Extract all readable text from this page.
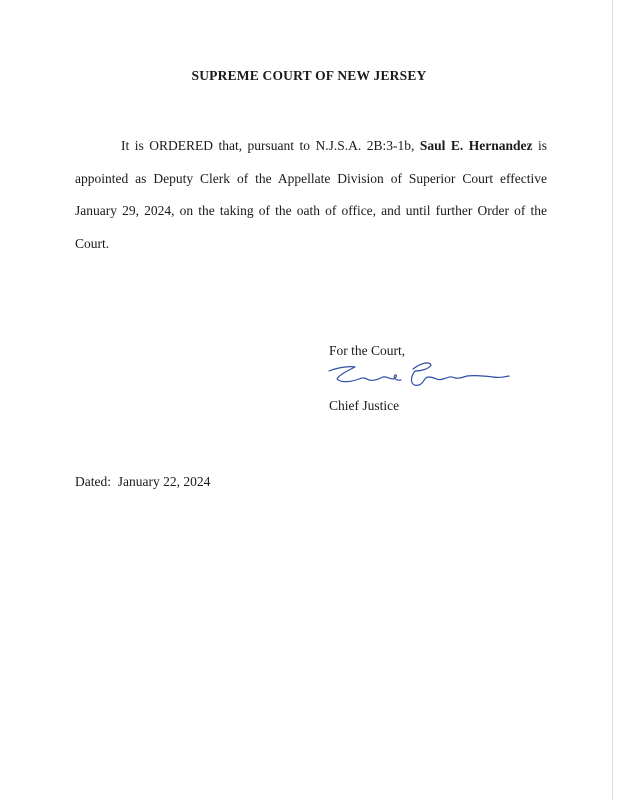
SUPREME COURT OF NEW JERSEY

It is ORDERED that, pursuant to N.J.S.A. 2B:3-1b, Saul E. Hernandez is appointed as Deputy Clerk of the Appellate Division of Superior Court effective January 29, 2024, on the taking of the oath of office, and until further Order of the Court.

For the Court,
Chief Justice
Dated: January 22, 2024
